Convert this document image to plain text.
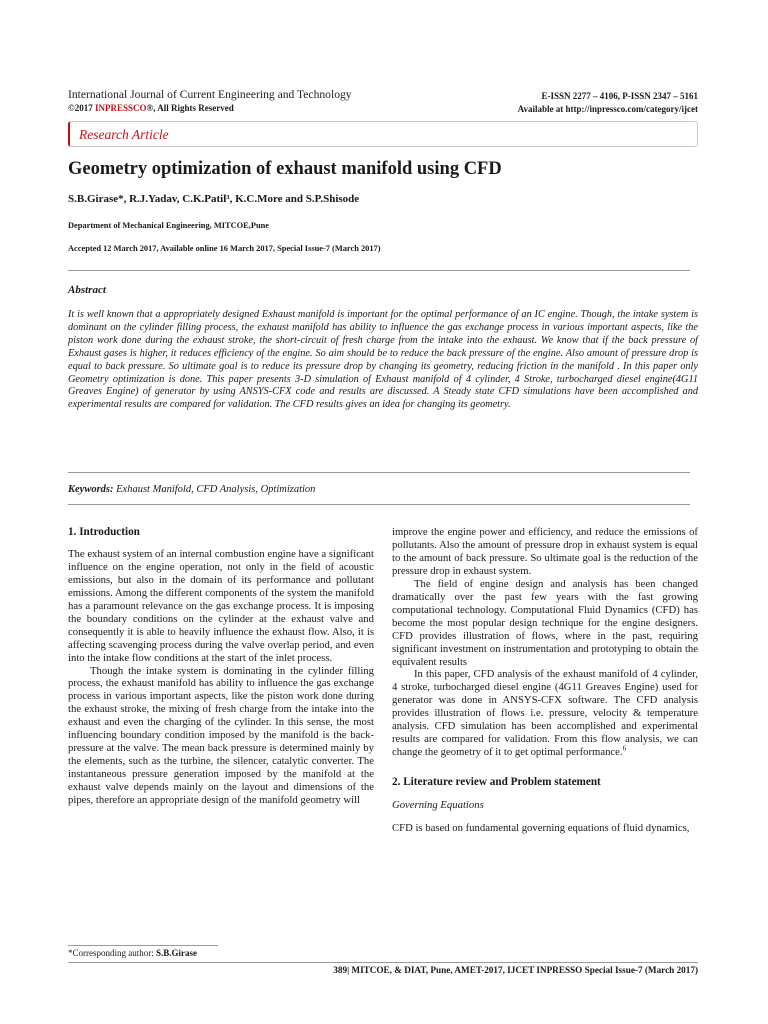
International Journal of Current Engineering and Technology
©2017 INPRESSCO®, All Rights Reserved
E-ISSN 2277 – 4106, P-ISSN 2347 – 5161
Available at http://inpressco.com/category/ijcet
Research Article
Geometry optimization of exhaust manifold using CFD
S.B.Girase*, R.J.Yadav, C.K.Patil³, K.C.More and S.P.Shisode
Department of Mechanical Engineering, MITCOE,Pune
Accepted 12 March 2017, Available online 16 March 2017, Special Issue-7 (March 2017)
Abstract
It is well known that a appropriately designed Exhaust manifold is important for the optimal performance of an IC engine. Though, the intake system is dominant on the cylinder filling process, the exhaust manifold has ability to influence the gas exchange process in various important aspects, like the piston work done during the exhaust stroke, the short-circuit of fresh charge from the intake into the exhaust. We know that if the back pressure of Exhaust gases is higher, it reduces efficiency of the engine. So aim should be to reduce the back pressure of the engine. Also amount of pressure drop is equal to back pressure. So ultimate goal is to reduce its pressure drop by changing its geometry, reducing friction in the manifold . In this paper only Geometry optimization is done. This paper presents 3-D simulation of Exhaust manifold of 4 cylinder, 4 Stroke, turbocharged diesel engine(4G11 Greaves Engine) of generator by using ANSYS-CFX code and results are discussed. A Steady state CFD simulations have been accomplished and experimental results are compared for validation. The CFD results gives an idea for changing its geometry.
Keywords: Exhaust Manifold, CFD Analysis, Optimization
1. Introduction

The exhaust system of an internal combustion engine have a significant influence on the engine operation, not only in the field of acoustic emissions, but also in the domain of its performance and pollutant emissions. Among the different components of the system the manifold has a paramount relevance on the gas exchange process. It is imposing the boundary conditions on the cylinder at the exhaust valve and consequently it is able to heavily influence the exhaust flow. Also, it is affecting scavenging process during the valve overlap period, and even into the intake flow conditions at the start of the inlet process.

Though the intake system is dominating in the cylinder filling process, the exhaust manifold has ability to influence the gas exchange process in various important aspects, like the piston work done during the exhaust stroke, the mixing of fresh charge from the intake into the exhaust and even the charging of the cylinder. In this sense, the most influencing boundary condition imposed by the manifold is the back-pressure at the valve. The mean back pressure is determined mainly by the elements, such as the turbine, the silencer, catalytic converter. The instantaneous pressure generation imposed by the manifold at the exhaust valve depends mainly on the layout and dimensions of the pipes, therefore an appropriate design of the manifold geometry will

improve the engine power and efficiency, and reduce the emissions of pollutants. Also the amount of pressure drop in exhaust system is equal to the amount of back pressure. So ultimate goal is the reduction of the pressure drop in exhaust system.

The field of engine design and analysis has been changed dramatically over the past few years with the fast growing computational technology. Computational Fluid Dynamics (CFD) has become the most popular design technique for the engine designers. CFD provides illustration of flows, where in the past, requiring significant investment on instrumentation and prototyping to obtain the equivalent results

In this paper, CFD analysis of the exhaust manifold of 4 cylinder, 4 stroke, turbocharged diesel engine (4G11 Greaves Engine) used for generator was done in ANSYS-CFX software. The CFD analysis provides illustration of flows i.e. pressure, velocity & temperature analysis. CFD simulation has been accomplished and experimental results are compared for validation. From this flow analysis, we can change the geometry of it to get optimal performance.$^6$

2. Literature review and Problem statement

Governing Equations

CFD is based on fundamental governing equations of fluid dynamics,

*Corresponding author: S.B.Girase
389| MITCOE, & DIAT, Pune, AMET-2017, IJCET INPRESSO Special Issue-7 (March 2017)
